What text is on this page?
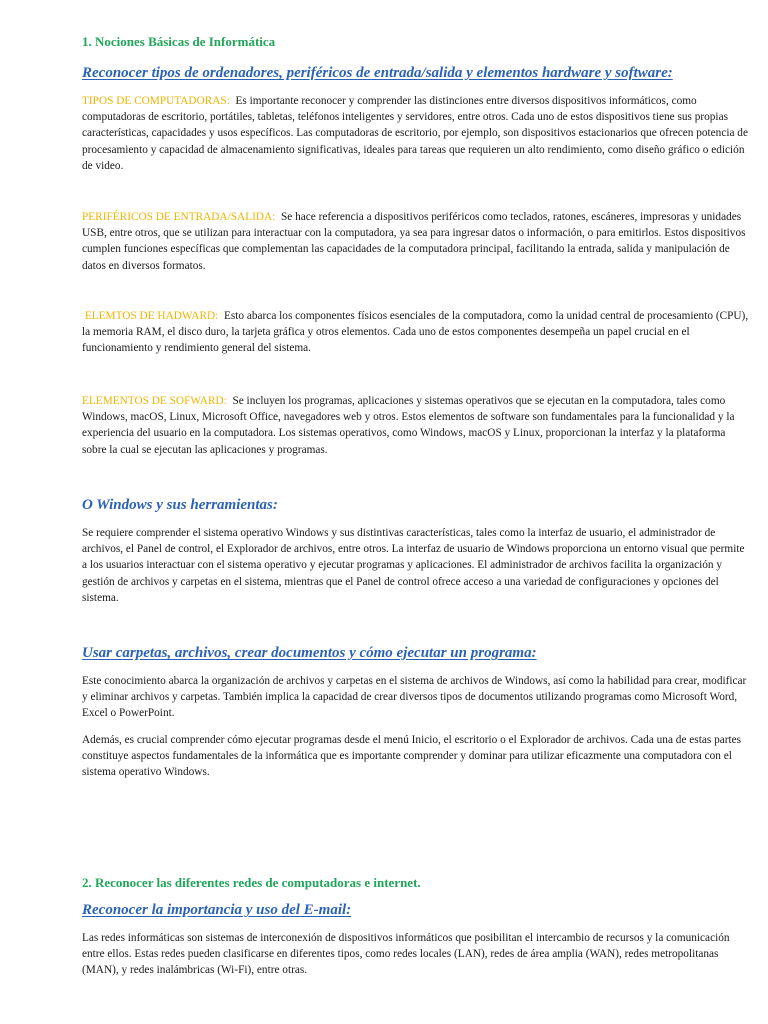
1. Nociones Básicas de Informática
Reconocer tipos de ordenadores, periféricos de entrada/salida y elementos hardware y software:

TIPOS DE COMPUTADORAS: Es importante reconocer y comprender las distinciones entre diversos dispositivos informáticos, como computadoras de escritorio, portátiles, tabletas, teléfonos inteligentes y servidores, entre otros. Cada uno de estos dispositivos tiene sus propias características, capacidades y usos específicos. Las computadoras de escritorio, por ejemplo, son dispositivos estacionarios que ofrecen potencia de procesamiento y capacidad de almacenamiento significativas, ideales para tareas que requieren un alto rendimiento, como diseño gráfico o edición de video.

PERIFÉRICOS DE ENTRADA/SALIDA: Se hace referencia a dispositivos periféricos como teclados, ratones, escáneres, impresoras y unidades USB, entre otros, que se utilizan para interactuar con la computadora, ya sea para ingresar datos o información, o para emitirlos. Estos dispositivos cumplen funciones específicas que complementan las capacidades de la computadora principal, facilitando la entrada, salida y manipulación de datos en diversos formatos.

ELEMTOS DE HADWARD: Esto abarca los componentes físicos esenciales de la computadora, como la unidad central de procesamiento (CPU), la memoria RAM, el disco duro, la tarjeta gráfica y otros elementos. Cada uno de estos componentes desempeña un papel crucial en el funcionamiento y rendimiento general del sistema.

ELEMENTOS DE SOFWARD: Se incluyen los programas, aplicaciones y sistemas operativos que se ejecutan en la computadora, tales como Windows, macOS, Linux, Microsoft Office, navegadores web y otros. Estos elementos de software son fundamentales para la funcionalidad y la experiencia del usuario en la computadora. Los sistemas operativos, como Windows, macOS y Linux, proporcionan la interfaz y la plataforma sobre la cual se ejecutan las aplicaciones y programas.

O Windows y sus herramientas:

Se requiere comprender el sistema operativo Windows y sus distintivas características, tales como la interfaz de usuario, el administrador de archivos, el Panel de control, el Explorador de archivos, entre otros. La interfaz de usuario de Windows proporciona un entorno visual que permite a los usuarios interactuar con el sistema operativo y ejecutar programas y aplicaciones. El administrador de archivos facilita la organización y gestión de archivos y carpetas en el sistema, mientras que el Panel de control ofrece acceso a una variedad de configuraciones y opciones del sistema.

Usar carpetas, archivos, crear documentos y cómo ejecutar un programa:

Este conocimiento abarca la organización de archivos y carpetas en el sistema de archivos de Windows, así como la habilidad para crear, modificar y eliminar archivos y carpetas. También implica la capacidad de crear diversos tipos de documentos utilizando programas como Microsoft Word, Excel o PowerPoint.

Además, es crucial comprender cómo ejecutar programas desde el menú Inicio, el escritorio o el Explorador de archivos. Cada una de estas partes constituye aspectos fundamentales de la informática que es importante comprender y dominar para utilizar eficazmente una computadora con el sistema operativo Windows.

2. Reconocer las diferentes redes de computadoras e internet.
Reconocer la importancia y uso del E-mail:

Las redes informáticas son sistemas de interconexión de dispositivos informáticos que posibilitan el intercambio de recursos y la comunicación entre ellos. Estas redes pueden clasificarse en diferentes tipos, como redes locales (LAN), redes de área amplia (WAN), redes metropolitanas (MAN), y redes inalámbricas (Wi-Fi), entre otras.
